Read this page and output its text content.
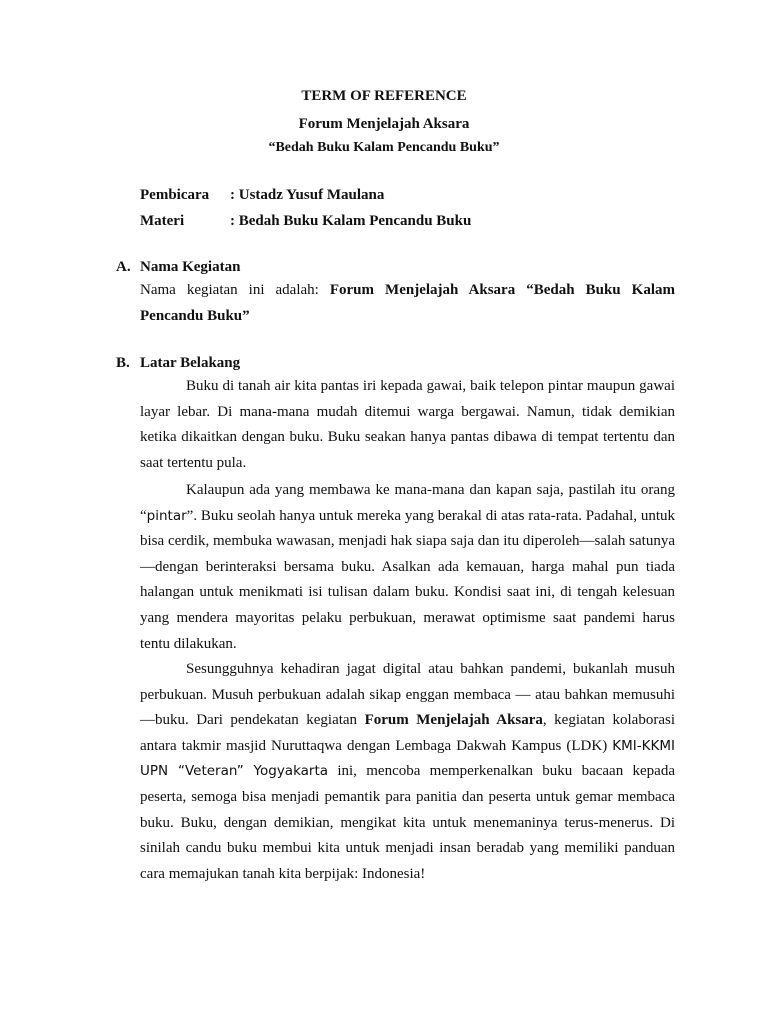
TERM OF REFERENCE
Forum Menjelajah Aksara
“Bedah Buku Kalam Pencandu Buku”
Pembicara : Ustadz Yusuf Maulana
Materi	: Bedah Buku Kalam Pencandu Buku
A. Nama Kegiatan

Nama kegiatan ini adalah: Forum Menjelajah Aksara “Bedah Buku Kalam Pencandu Buku”

B. Latar Belakang

Buku di tanah air kita pantas iri kepada gawai, baik telepon pintar maupun gawai layar lebar. Di mana-mana mudah ditemui warga bergawai. Namun, tidak demikian ketika dikaitkan dengan buku. Buku seakan hanya pantas dibawa di tempat tertentu dan saat tertentu pula.

Kalaupun ada yang membawa ke mana-mana dan kapan saja, pastilah itu orang “pintar”. Buku seolah hanya untuk mereka yang berakal di atas rata-rata. Padahal, untuk bisa cerdik, membuka wawasan, menjadi hak siapa saja dan itu diperoleh—salah satunya—dengan berinteraksi bersama buku. Asalkan ada kemauan, harga mahal pun tiada halangan untuk menikmati isi tulisan dalam buku. Kondisi saat ini, di tengah kelesuan yang mendera mayoritas pelaku perbukuan, merawat optimisme saat pandemi harus tentu dilakukan.

Sesungguhnya kehadiran jagat digital atau bahkan pandemi, bukanlah musuh perbukuan. Musuh perbukuan adalah sikap enggan membaca — atau bahkan memusuhi—buku. Dari pendekatan kegiatan Forum Menjelajah Aksara, kegiatan kolaborasi antara takmir masjid Nuruttaqwa dengan Lembaga Dakwah Kampus (LDK) KMI-KKMI UPN “Veteran” Yogyakarta ini, mencoba memperkenalkan buku bacaan kepada peserta, semoga bisa menjadi pemantik para panitia dan peserta untuk gemar membaca buku. Buku, dengan demikian, mengikat kita untuk menemaninya terus-menerus. Di sinilah candu buku membui kita untuk menjadi insan beradab yang memiliki panduan cara memajukan tanah kita berpijak: Indonesia!
